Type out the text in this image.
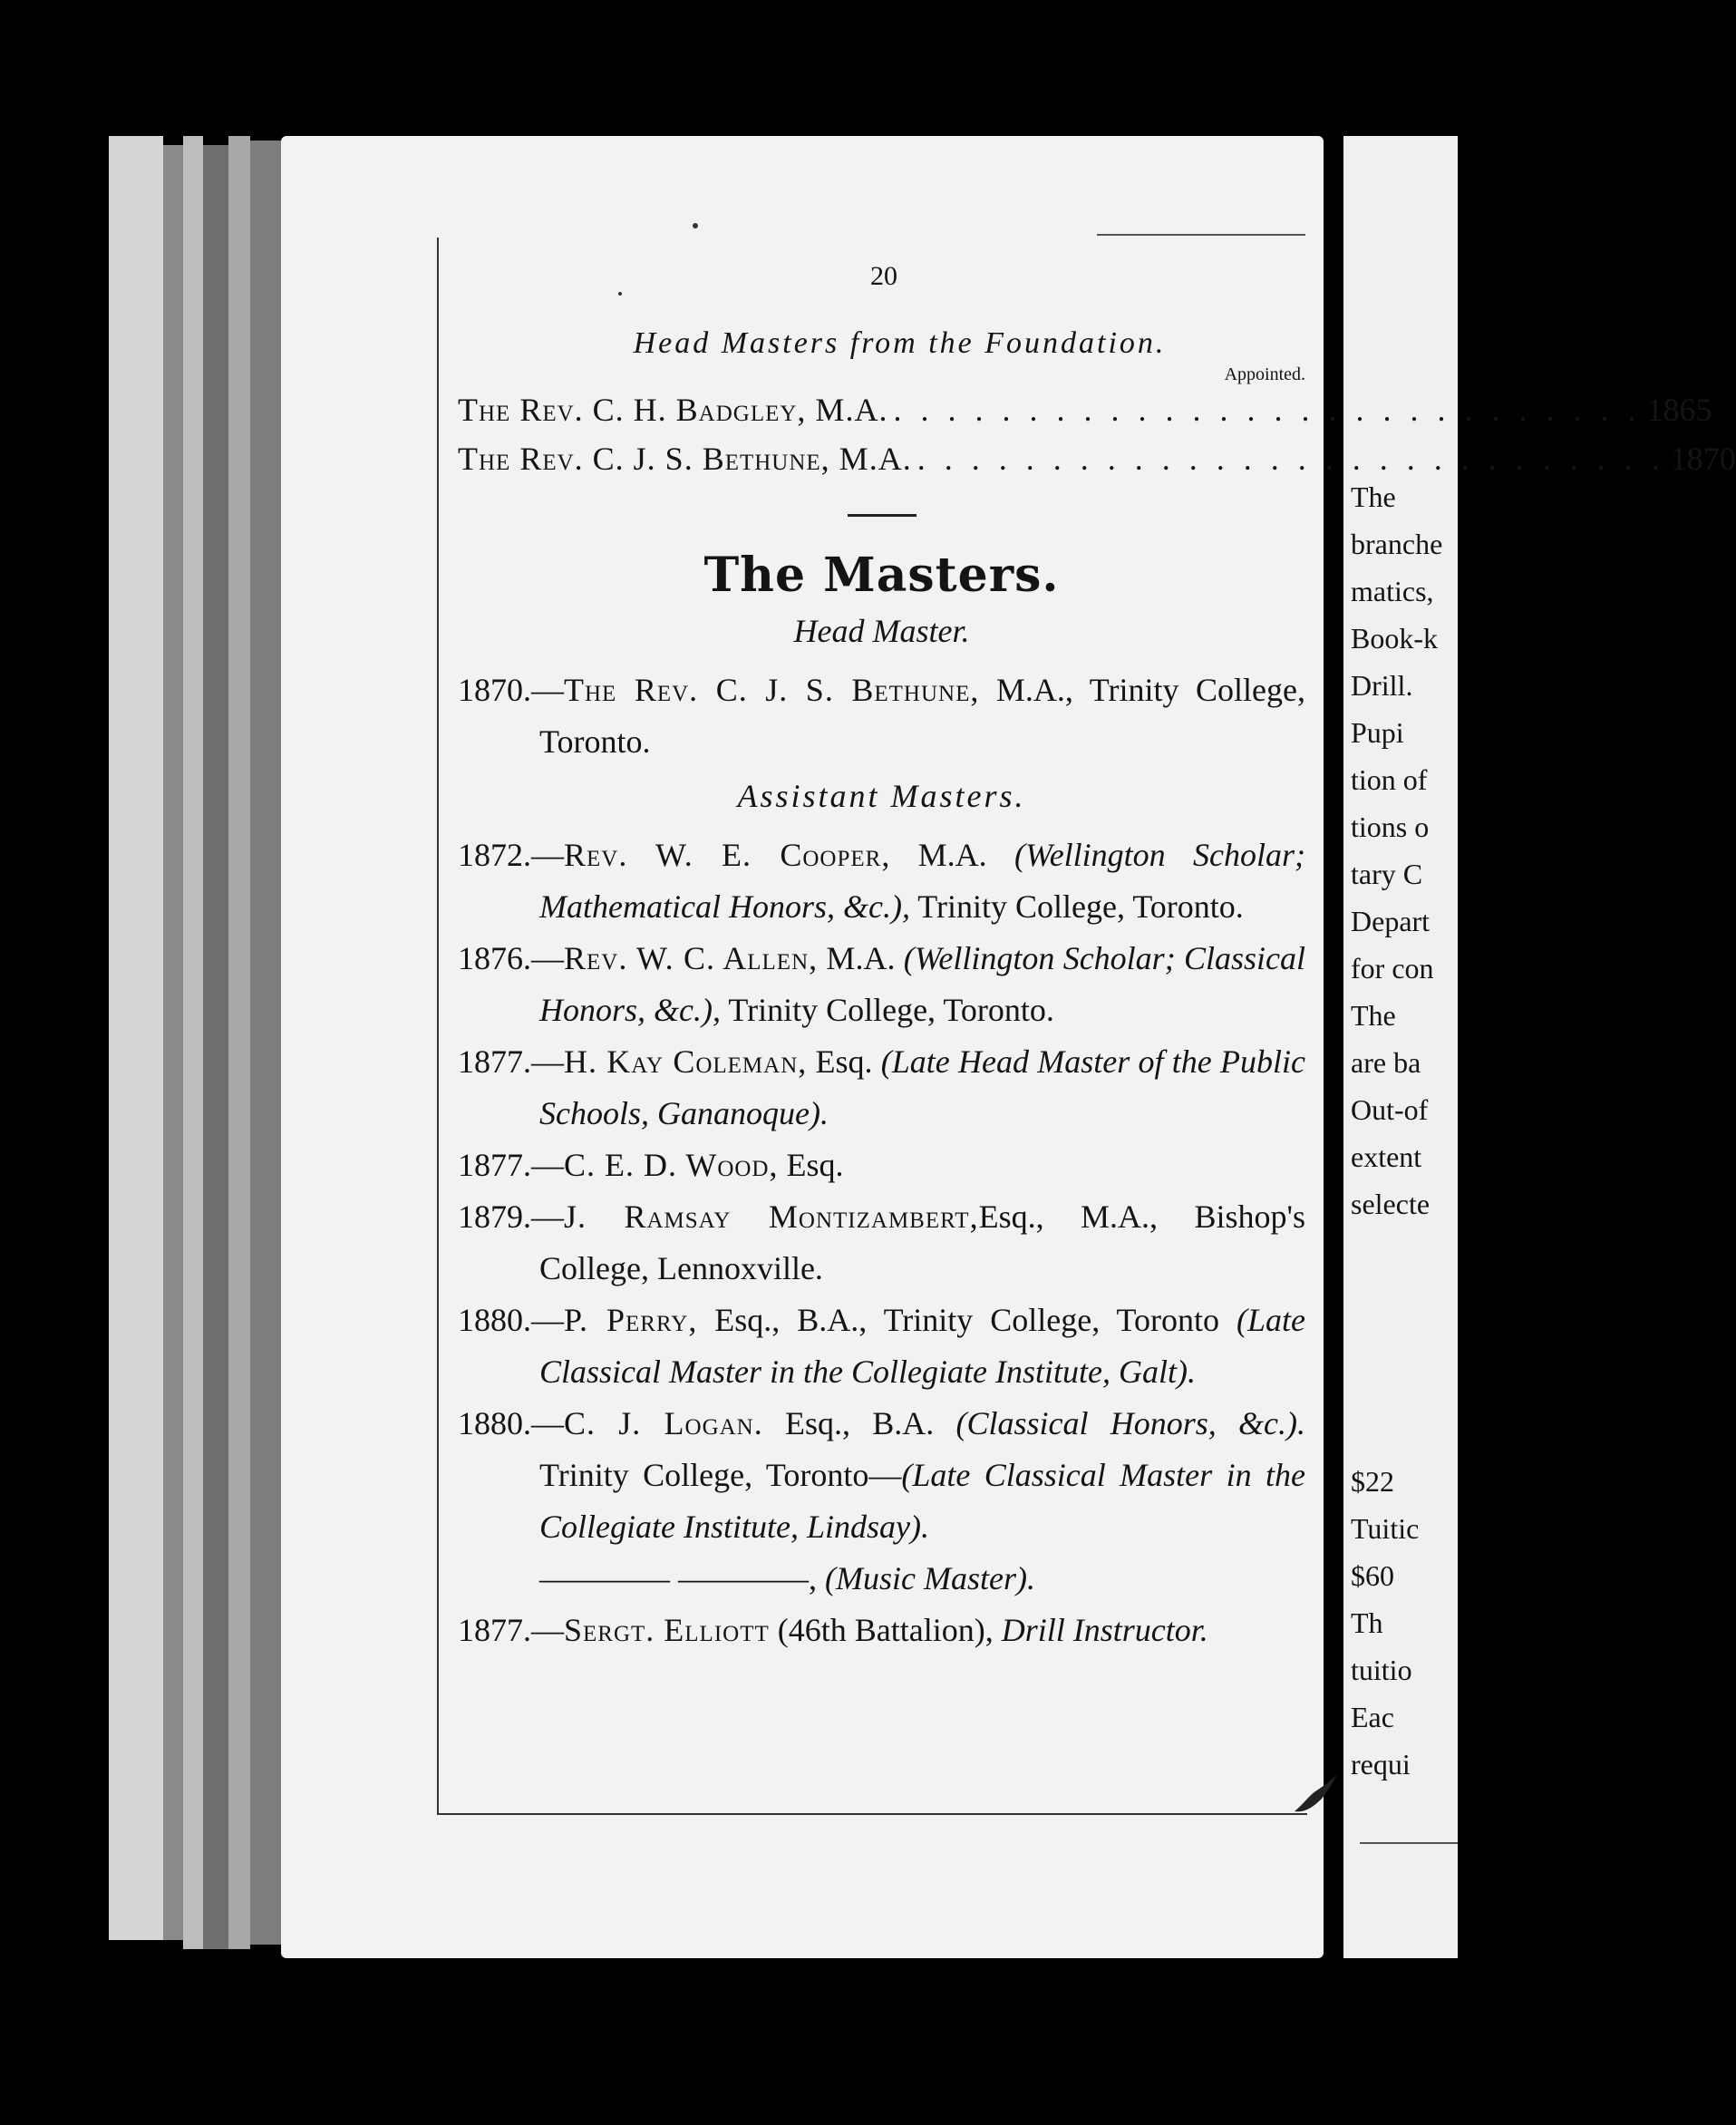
20
Head Masters from the Foundation.
Appointed.
The Rev. C. H. Badgley, M.A. . . . . . . . . . . . . . . . . . . . . . . . . . . . . 1865
The Rev. C. J. S. Bethune, M.A. . . . . . . . . . . . . . . . . . . . . . . . . . . . . 1870
The Masters.
Head Master.
1870.—The Rev. C. J. S. Bethune, M.A., Trinity College, Toronto.
Assistant Masters.
1872.—Rev. W. E. Cooper, M.A. (Wellington Scholar; Mathematical Honors, &c.), Trinity College, Toronto.
1876.—Rev. W. C. Allen, M.A. (Wellington Scholar; Classical Honors, &c.), Trinity College, Toronto.
1877.—H. Kay Coleman, Esq. (Late Head Master of the Public Schools, Gananoque).
1877.—C. E. D. Wood, Esq.
1879.—J. Ramsay Montizambert,Esq., M.A., Bishop's College, Lennoxville.
1880.—P. Perry, Esq., B.A., Trinity College, Toronto (Late Classical Master in the Collegiate Institute, Galt).
1880.—C. J. Logan. Esq., B.A. (Classical Honors, &c.). Trinity College, Toronto—(Late Classical Master in the Collegiate Institute, Lindsay).
———— ————, (Music Master).
1877.—Sergt. Elliott (46th Battalion), Drill Instructor.
The
branche
matics,
Book-k
Drill.
Pupi
tion of
tions o
tary C
Depart
for con
The
are ba
Out-of
extent
selecte
$22
Tuitic
$60
Th
tuitio
Eac
requi
